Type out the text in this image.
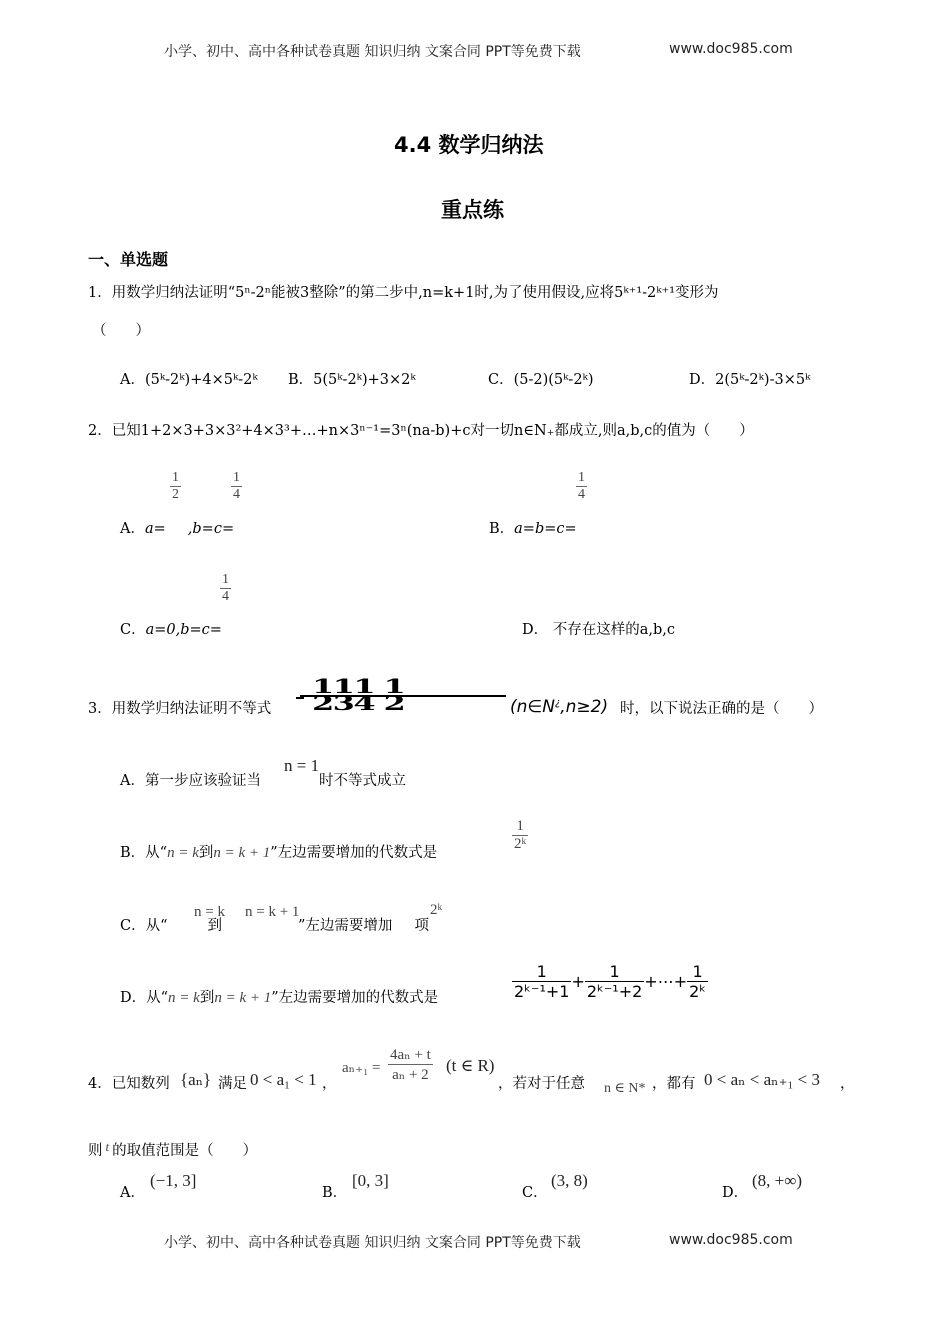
小学、初中、高中各种试卷真题 知识归纳 文案合同 PPT等免费下载	www.doc985.com
4.4 数学归纳法
重点练
一、单选题
1．用数学归纳法证明“5ⁿ-2ⁿ能被3整除”的第二步中,n=k+1时,为了使用假设,应将5ᵏ⁺¹-2ᵏ⁺¹变形为
（　　）
A．(5ᵏ-2ᵏ)+4×5ᵏ-2ᵏ B．5(5ᵏ-2ᵏ)+3×2ᵏ	C．(5-2)(5ᵏ-2ᵏ)	D．2(5ᵏ-2ᵏ)-3×5ᵏ
2．已知1+2×3+3×3²+4×3³+…+n×3ⁿ⁻¹=3ⁿ(na-b)+c对一切n∈N₊都成立,则a,b,c的值为（　　）
$\frac{1}{2}$	$\frac{1}{4}$
A．a= ,b=c=
$\frac{1}{4}$
B．a=b=c=
$\frac{1}{4}$
C．a=0,b=c=	D． 不存在这样的a,b,c
3．用数学归纳法证明不等式
111 1
234 2	(n∈N¿,n≥2) 时，以下说法正确的是（　　）
n = 1
A．第一步应该验证当	时不等式成立
B．从“n = k到n = k + 1”左边需要增加的代数式是	$\frac{1}{\text{2ᵏ}}$
n = k n = k + 1	2ᵏ
C．从“	到	”左边需要增加 项
D．从“n = k到n = k + 1”左边需要增加的代数式是	$\frac{1}{\text{2ᵏ⁻¹+1}} + \frac{1}{\text{2ᵏ⁻¹+2}}$ +⋯+ $\frac{1}{\text{2ᵏ}}$
4．已知数列 {aₙ} 满足 0 < a₁ < 1 ，
$a_{n+1} = \frac{\text{4aₙ + t}}{\text{aₙ + 2}} (t$ ∈ R)
，若对于任意 n ∈ N* ，都有 0 < aₙ < aₙ₊₁ < 3 ，
则 t 的取值范围是（　　）
A．
(−1, 3]
B．
[0, 3]
C．
(3, 8)
D．
(8, +∞)
小学、初中、高中各种试卷真题 知识归纳 文案合同 PPT等免费下载	www.doc985.com
